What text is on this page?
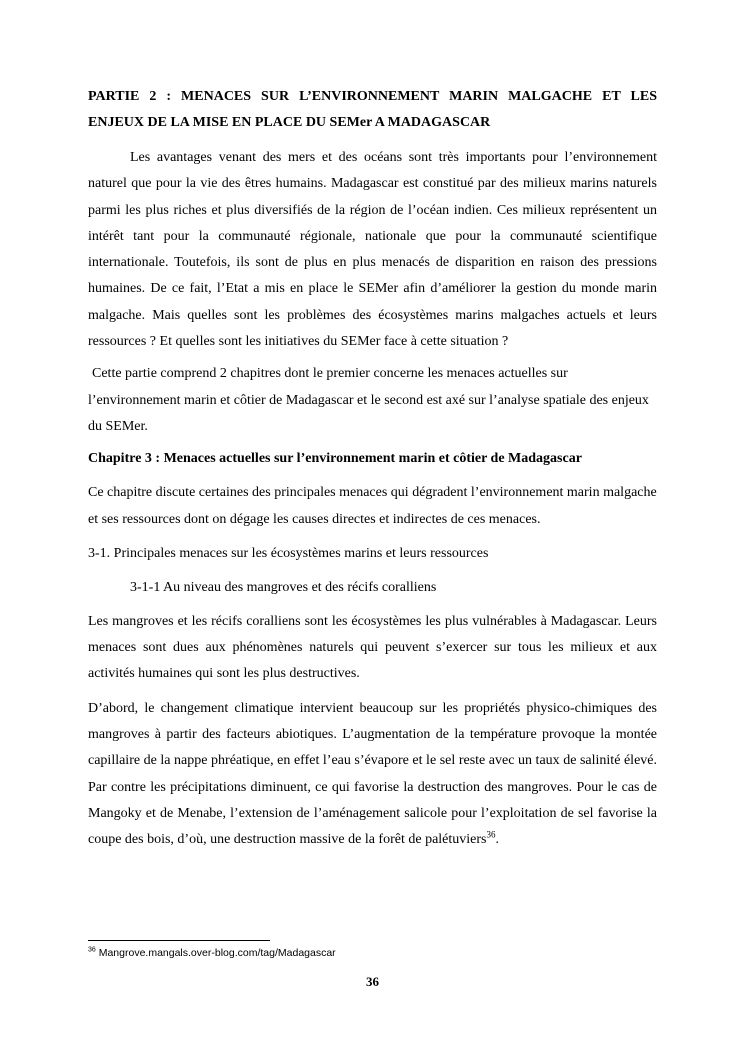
PARTIE 2 : MENACES SUR L’ENVIRONNEMENT MARIN MALGACHE ET LES ENJEUX DE LA MISE EN PLACE DU SEMer A MADAGASCAR

Les avantages venant des mers et des océans sont très importants pour l’environnement naturel que pour la vie des êtres humains. Madagascar est constitué par des milieux marins naturels parmi les plus riches et plus diversifiés de la région de l’océan indien. Ces milieux représentent un intérêt tant pour la communauté régionale, nationale que pour la communauté scientifique internationale. Toutefois, ils sont de plus en plus menacés de disparition en raison des pressions humaines. De ce fait, l’Etat a mis en place le SEMer afin d’améliorer la gestion du monde marin malgache. Mais quelles sont les problèmes des écosystèmes marins malgaches actuels et leurs ressources ? Et quelles sont les initiatives du SEMer face à cette situation ?

Cette partie comprend 2 chapitres dont le premier concerne les menaces actuelles sur l’environnement marin et côtier de Madagascar et le second est axé sur l’analyse spatiale des enjeux du SEMer.

Chapitre 3 : Menaces actuelles sur l’environnement marin et côtier de Madagascar

Ce chapitre discute certaines des principales menaces qui dégradent l’environnement marin malgache et ses ressources dont on dégage les causes directes et indirectes de ces menaces.

3-1. Principales menaces sur les écosystèmes marins et leurs ressources

3-1-1 Au niveau des mangroves et des récifs coralliens

Les mangroves et les récifs coralliens sont les écosystèmes les plus vulnérables à Madagascar. Leurs menaces sont dues aux phénomènes naturels qui peuvent s’exercer sur tous les milieux et aux activités humaines qui sont les plus destructives.

D’abord, le changement climatique intervient beaucoup sur les propriétés physico-chimiques des mangroves à partir des facteurs abiotiques. L’augmentation de la température provoque la montée capillaire de la nappe phréatique, en effet l’eau s’évapore et le sel reste avec un taux de salinité élevé. Par contre les précipitations diminuent, ce qui favorise la destruction des mangroves. Pour le cas de Mangoky et de Menabe, l’extension de l’aménagement salicole pour l’exploitation de sel favorise la coupe des bois, d’où, une destruction massive de la forêt de palétuviers$^{36}$.

$^{36}$ Mangrove.mangals.over-blog.com/tag/Madagascar
36
